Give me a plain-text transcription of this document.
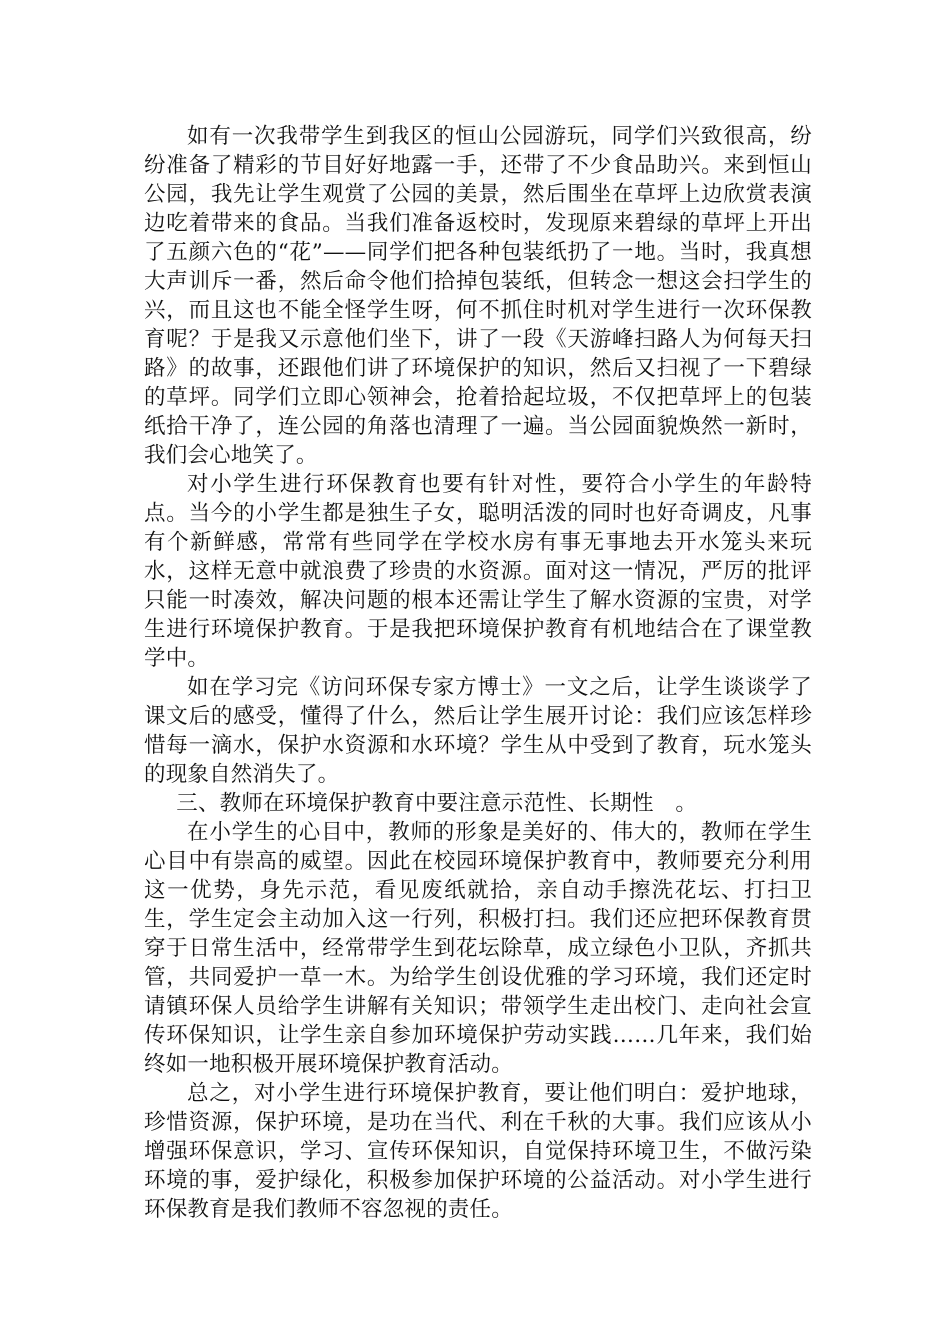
如有一次我带学生到我区的恒山公园游玩，同学们兴致很高，纷纷准备了精彩的节目好好地露一手，还带了不少食品助兴。来到恒山公园，我先让学生观赏了公园的美景，然后围坐在草坪上边欣赏表演边吃着带来的食品。当我们准备返校时，发现原来碧绿的草坪上开出了五颜六色的“花”——同学们把各种包装纸扔了一地。当时，我真想大声训斥一番，然后命令他们拾掉包装纸，但转念一想这会扫学生的兴，而且这也不能全怪学生呀，何不抓住时机对学生进行一次环保教育呢？于是我又示意他们坐下，讲了一段《天游峰扫路人为何每天扫路》的故事，还跟他们讲了环境保护的知识，然后又扫视了一下碧绿的草坪。同学们立即心领神会，抢着拾起垃圾，不仅把草坪上的包装纸拾干净了，连公园的角落也清理了一遍。当公园面貌焕然一新时，我们会心地笑了。

对小学生进行环保教育也要有针对性，要符合小学生的年龄特点。当今的小学生都是独生子女，聪明活泼的同时也好奇调皮，凡事有个新鲜感，常常有些同学在学校水房有事无事地去开水笼头来玩水，这样无意中就浪费了珍贵的水资源。面对这一情况，严厉的批评只能一时凑效，解决问题的根本还需让学生了解水资源的宝贵，对学生进行环境保护教育。于是我把环境保护教育有机地结合在了课堂教学中。

如在学习完《访问环保专家方博士》一文之后，让学生谈谈学了课文后的感受，懂得了什么，然后让学生展开讨论：我们应该怎样珍惜每一滴水，保护水资源和水环境？学生从中受到了教育，玩水笼头的现象自然消失了。

三、教师在环境保护教育中要注意示范性、长期性　。

在小学生的心目中，教师的形象是美好的、伟大的，教师在学生心目中有崇高的威望。因此在校园环境保护教育中，教师要充分利用这一优势，身先示范，看见废纸就拾，亲自动手擦洗花坛、打扫卫生，学生定会主动加入这一行列，积极打扫。我们还应把环保教育贯穿于日常生活中，经常带学生到花坛除草，成立绿色小卫队，齐抓共管，共同爱护一草一木。为给学生创设优雅的学习环境，我们还定时请镇环保人员给学生讲解有关知识；带领学生走出校门、走向社会宣传环保知识，让学生亲自参加环境保护劳动实践……几年来，我们始终如一地积极开展环境保护教育活动。

总之，对小学生进行环境保护教育，要让他们明白：爱护地球，珍惜资源，保护环境，是功在当代、利在千秋的大事。我们应该从小增强环保意识，学习、宣传环保知识，自觉保持环境卫生，不做污染环境的事，爱护绿化，积极参加保护环境的公益活动。对小学生进行环保教育是我们教师不容忽视的责任。
